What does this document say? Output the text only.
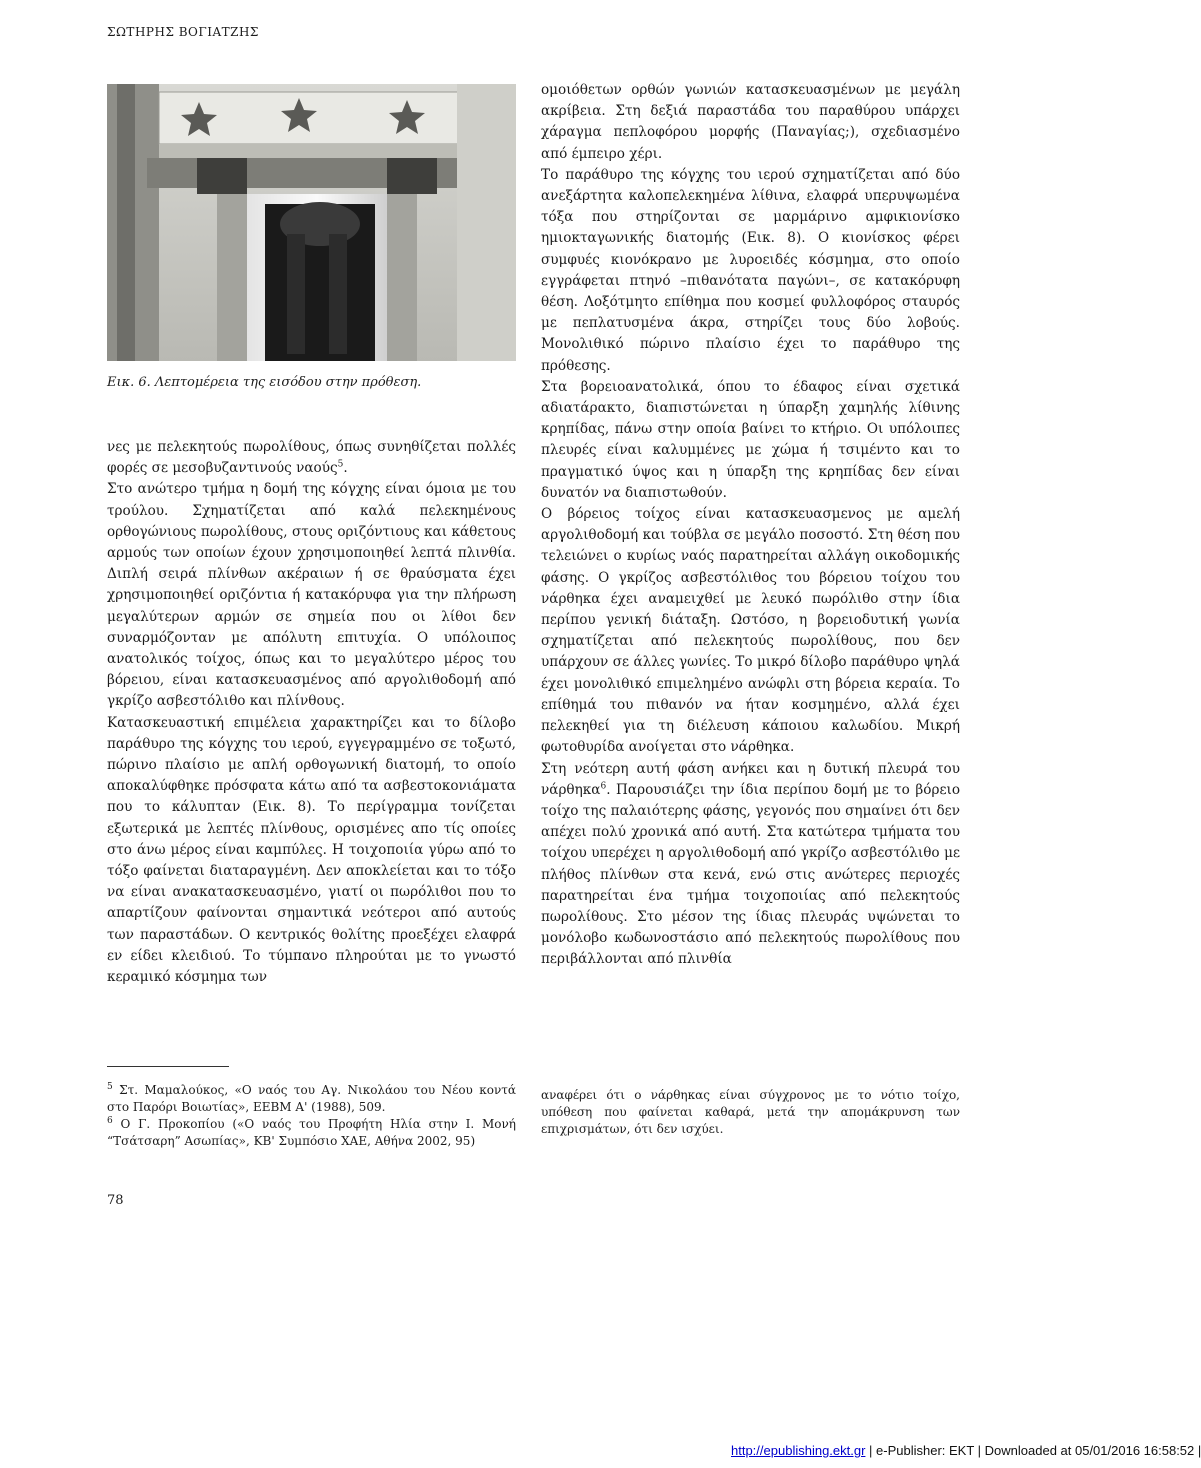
ΣΩΤΗΡΗΣ ΒΟΓΙΑΤΖΗΣ
Εικ. 6. Λεπτομέρεια της εισόδου στην πρόθεση.

νες με πελεκητούς πωρολίθους, όπως συνηθίζεται πολλές φορές σε μεσοβυζαντινούς ναούς$^5$.

Στο ανώτερο τμήμα η δομή της κόγχης είναι όμοια με του τρούλου. Σχηματίζεται από καλά πελεκημένους ορθογώνιους πωρολίθους, στους οριζόντιους και κάθετους αρμούς των οποίων έχουν χρησιμοποιηθεί λεπτά πλινθία. Διπλή σειρά πλίνθων ακέραιων ή σε θραύσματα έχει χρησιμοποιηθεί οριζόντια ή κατακόρυφα για την πλήρωση μεγαλύτερων αρμών σε σημεία που οι λίθοι δεν συναρμόζονταν με απόλυτη επιτυχία. Ο υπόλοιπος ανατολικός τοίχος, όπως και το μεγαλύτερο μέρος του βόρειου, είναι κατασκευασμένος από αργολιθοδομή από γκρίζο ασβεστόλιθο και πλίνθους.

Κατασκευαστική επιμέλεια χαρακτηρίζει και το δίλοβο παράθυρο της κόγχης του ιερού, εγγεγραμμένο σε τοξωτό, πώρινο πλαίσιο με απλή ορθογωνική διατομή, το οποίο αποκαλύφθηκε πρόσφατα κάτω από τα ασβεστοκονιάματα που το κάλυπταν (Εικ. 8). Το περίγραμμα τονίζεται εξωτερικά με λεπτές πλίνθους, ορισμένες απο τίς οποίες στο άνω μέρος είναι καμπύλες. Η τοιχοποιία γύρω από το τόξο φαίνεται διαταραγμένη. Δεν αποκλείεται και το τόξο να είναι ανακατασκευασμένο, γιατί οι πωρόλιθοι που το απαρτίζουν φαίνονται σημαντικά νεότεροι από αυτούς των παραστάδων. Ο κεντρικός θολίτης προεξέχει ελαφρά εν είδει κλειδιού. Το τύμπανο πληρούται με το γνωστό κεραμικό κόσμημα των

ομοιόθετων ορθών γωνιών κατασκευασμένων με μεγάλη ακρίβεια. Στη δεξιά παραστάδα του παραθύρου υπάρχει χάραγμα πεπλοφόρου μορφής (Παναγίας;), σχεδιασμένο από έμπειρο χέρι.

Το παράθυρο της κόγχης του ιερού σχηματίζεται από δύο ανεξάρτητα καλοπελεκημένα λίθινα, ελαφρά υπερυψωμένα τόξα που στηρίζονται σε μαρμάρινο αμφικιονίσκο ημιοκταγωνικής διατομής (Εικ. 8). Ο κιονίσκος φέρει συμφυές κιονόκρανο με λυροειδές κόσμημα, στο οποίο εγγράφεται πτηνό –πιθανότατα παγώνι–, σε κατακόρυφη θέση. Λοξότμητο επίθημα που κοσμεί φυλλοφόρος σταυρός με πεπλατυσμένα άκρα, στηρίζει τους δύο λοβούς. Μονολιθικό πώρινο πλαίσιο έχει το παράθυρο της πρόθεσης.

Στα βορειοανατολικά, όπου το έδαφος είναι σχετικά αδιατάρακτο, διαπιστώνεται η ύπαρξη χαμηλής λίθινης κρηπίδας, πάνω στην οποία βαίνει το κτήριο. Οι υπόλοιπες πλευρές είναι καλυμμένες με χώμα ή τσιμέντο και το πραγματικό ύψος και η ύπαρξη της κρηπίδας δεν είναι δυνατόν να διαπιστωθούν.

Ο βόρειος τοίχος είναι κατασκευασμενος με αμελή αργολιθοδομή και τούβλα σε μεγάλο ποσοστό. Στη θέση που τελειώνει ο κυρίως ναός παρατηρείται αλλάγη οικοδομικής φάσης. Ο γκρίζος ασβεστόλιθος του βόρειου τοίχου του νάρθηκα έχει αναμειχθεί με λευκό πωρόλιθο στην ίδια περίπου γενική διάταξη. Ωστόσο, η βορειοδυτική γωνία σχηματίζεται από πελεκητούς πωρολίθους, που δεν υπάρχουν σε άλλες γωνίες. Το μικρό δίλοβο παράθυρο ψηλά έχει μονολιθικό επιμελημένο ανώφλι στη βόρεια κεραία. Το επίθημά του πιθανόν να ήταν κοσμημένο, αλλά έχει πελεκηθεί για τη διέλευση κάποιου καλωδίου. Μικρή φωτοθυρίδα ανοίγεται στο νάρθηκα.

Στη νεότερη αυτή φάση ανήκει και η δυτική πλευρά του νάρθηκα$^6$. Παρουσιάζει την ίδια περίπου δομή με το βόρειο τοίχο της παλαιότερης φάσης, γεγονός που σημαίνει ότι δεν απέχει πολύ χρονικά από αυτή. Στα κατώτερα τμήματα του τοίχου υπερέχει η αργολιθοδομή από γκρίζο ασβεστόλιθο με πλήθος πλίνθων στα κενά, ενώ στις ανώτερες περιοχές παρατηρείται ένα τμήμα τοιχοποιίας από πελεκητούς πωρολίθους. Στο μέσον της ίδιας πλευράς υψώνεται το μονόλοβο κωδωνοστάσιο από πελεκητούς πωρολίθους που περιβάλλονται από πλινθία

$^5$ Στ. Μαμαλούκος, «Ο ναός του Αγ. Νικολάου του Νέου κοντά στο Παρόρι Βοιωτίας», ΕΕΒΜ Α' (1988), 509.

$^6$ Ο Γ. Προκοπίου («Ο ναός του Προφήτη Ηλία στην Ι. Μονή “Τσάτσαρη” Ασωπίας», ΚΒ' Συμπόσιο ΧΑΕ, Αθήνα 2002, 95)

αναφέρει ότι ο νάρθηκας είναι σύγχρονος με το νότιο τοίχο, υπόθεση που φαίνεται καθαρά, μετά την απομάκρυνση των επιχρισμάτων, ότι δεν ισχύει.

78
http://epublishing.ekt.gr | e-Publisher: EKT | Downloaded at 05/01/2016 16:58:52 |
